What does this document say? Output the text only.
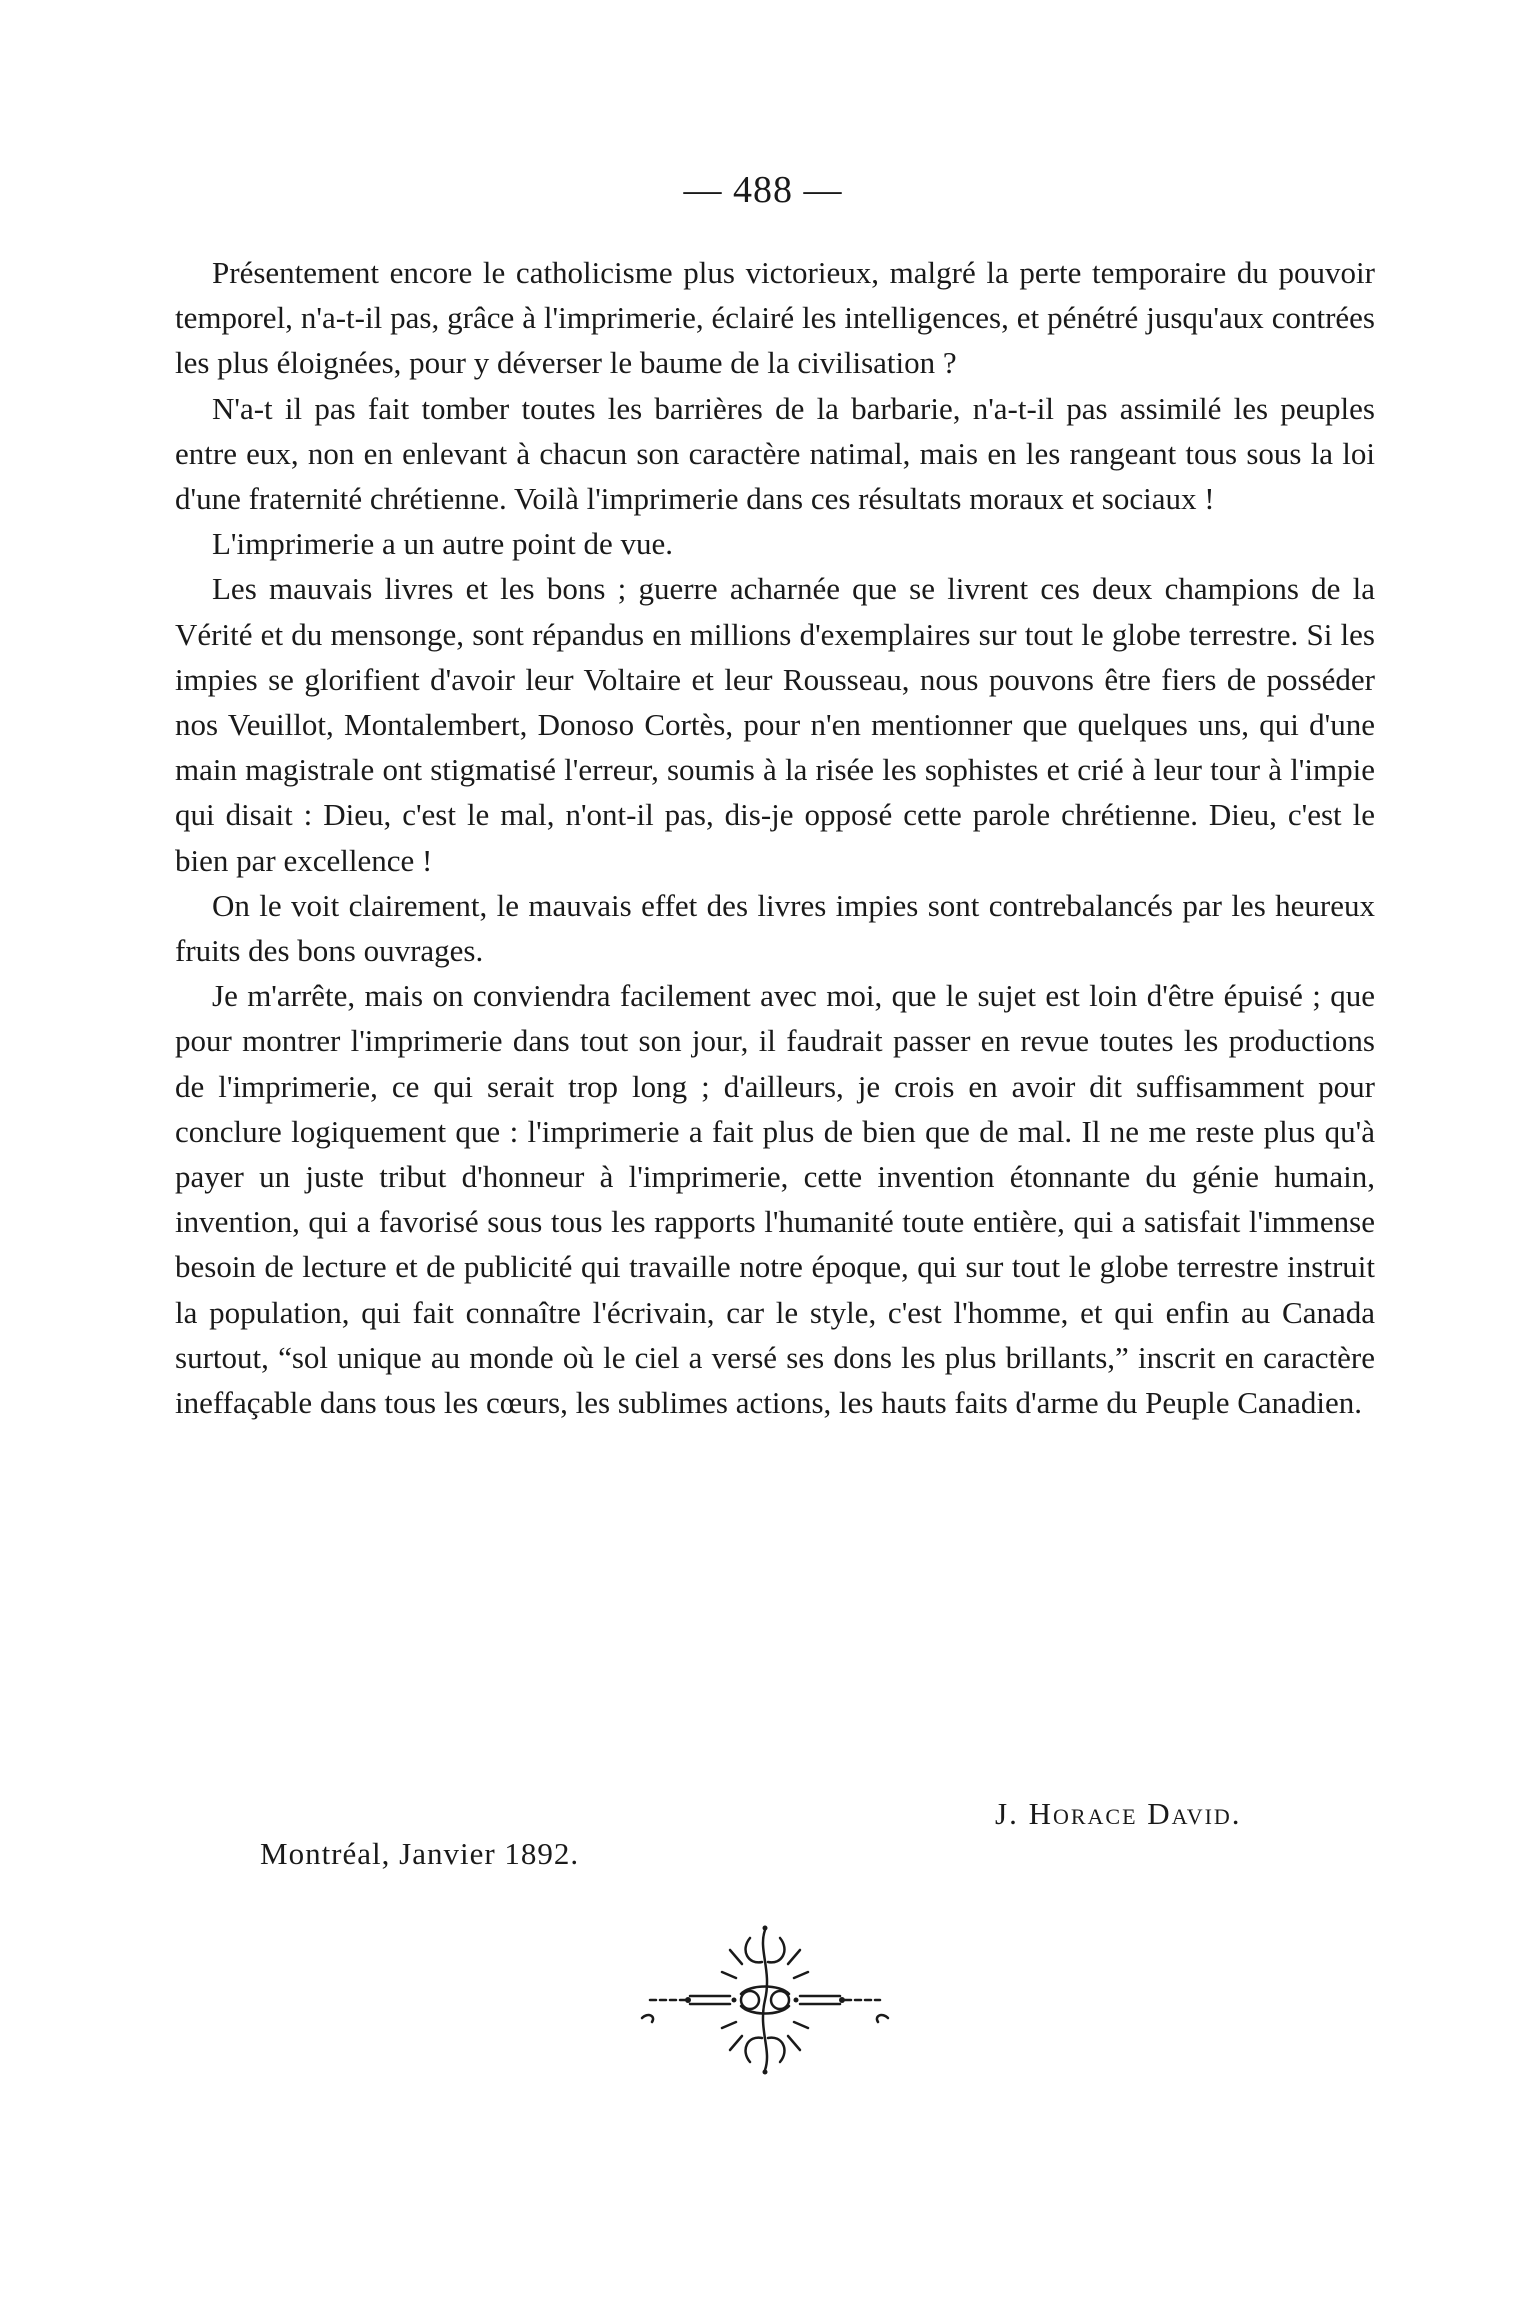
— 488 —

Présentement encore le catholicisme plus victorieux, malgré la perte temporaire du pouvoir temporel, n'a-t-il pas, grâce à l'imprimerie, éclairé les intelligences, et pénétré jusqu'aux contrées les plus éloignées, pour y déverser le baume de la civilisation ?

N'a-t il pas fait tomber toutes les barrières de la barbarie, n'a-t-il pas assimilé les peuples entre eux, non en enlevant à chacun son caractère natimal, mais en les rangeant tous sous la loi d'une fraternité chrétienne. Voilà l'imprimerie dans ces résultats moraux et sociaux !

L'imprimerie a un autre point de vue.

Les mauvais livres et les bons ; guerre acharnée que se livrent ces deux champions de la Vérité et du mensonge, sont répandus en millions d'exemplaires sur tout le globe terrestre. Si les impies se glorifient d'avoir leur Voltaire et leur Rousseau, nous pouvons être fiers de posséder nos Veuillot, Montalembert, Donoso Cortès, pour n'en mentionner que quelques uns, qui d'une main magistrale ont stigmatisé l'erreur, soumis à la risée les sophistes et crié à leur tour à l'impie qui disait : Dieu, c'est le mal, n'ont-il pas, dis-je opposé cette parole chrétienne. Dieu, c'est le bien par excellence !

On le voit clairement, le mauvais effet des livres impies sont contrebalancés par les heureux fruits des bons ouvrages.

Je m'arrête, mais on conviendra facilement avec moi, que le sujet est loin d'être épuisé ; que pour montrer l'imprimerie dans tout son jour, il faudrait passer en revue toutes les productions de l'imprimerie, ce qui serait trop long ; d'ailleurs, je crois en avoir dit suffisamment pour conclure logiquement que : l'imprimerie a fait plus de bien que de mal. Il ne me reste plus qu'à payer un juste tribut d'honneur à l'imprimerie, cette invention étonnante du génie humain, invention, qui a favorisé sous tous les rapports l'humanité toute entière, qui a satisfait l'immense besoin de lecture et de publicité qui travaille notre époque, qui sur tout le globe terrestre instruit la population, qui fait connaître l'écrivain, car le style, c'est l'homme, et qui enfin au Canada surtout, “sol unique au monde où le ciel a versé ses dons les plus brillants,” inscrit en caractère ineffaçable dans tous les cœurs, les sublimes actions, les hauts faits d'arme du Peuple Canadien.

J. Horace David.
Montréal, Janvier 1892.
